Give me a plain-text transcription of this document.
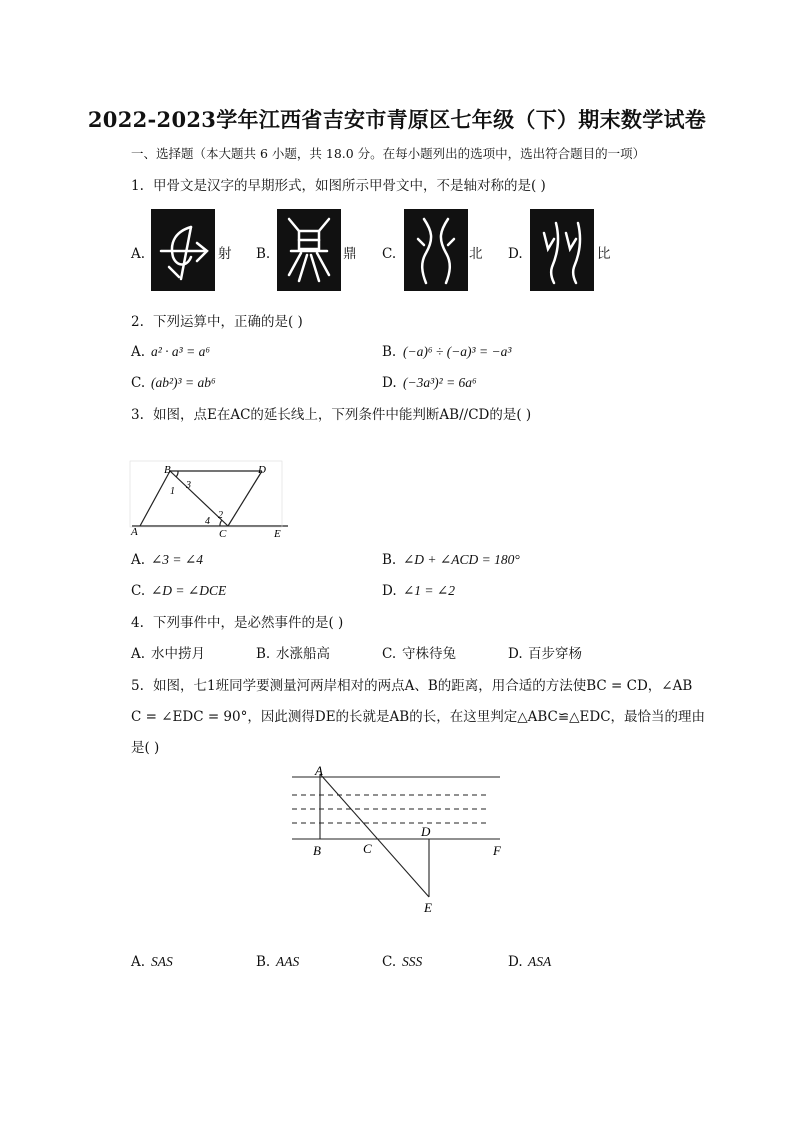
2022-2023学年江西省吉安市青原区七年级（下）期末数学试卷
一、选择题（本大题共 6 小题，共 18.0 分。在每小题列出的选项中，选出符合题目的一项）
1. 甲骨文是汉字的早期形式，如图所示甲骨文中，不是轴对称的是( )
A.	射 B.	鼎 C.	北 D.	比
2. 下列运算中，正确的是( )
A. a² · a³ = a⁶	B. (−a)⁶ ÷ (−a)³ = −a³
C. (ab²)³ = ab⁶	D. (−3a³)² = 6a⁶
3. 如图，点E在AC的延长线上，下列条件中能判断AB//CD的是( )
B	D
1
3
2
4
A	C	E
A. ∠3 = ∠4	B. ∠D + ∠ACD = 180°
C. ∠D = ∠DCE	D. ∠1 = ∠2
4. 下列事件中，是必然事件的是( )
A. 水中捞月	B. 水涨船高	C. 守株待兔	D. 百步穿杨
5. 如图，七1班同学要测量河两岸相对的两点A、B的距离，用合适的方法使BC = CD，∠AB
C = ∠EDC = 90°，因此测得DE的长就是AB的长，在这里判定△ABC≌△EDC，最恰当的理由
是( )
A
D
B	C	F
E
A. SAS	B. AAS	C. SSS	D. ASA
